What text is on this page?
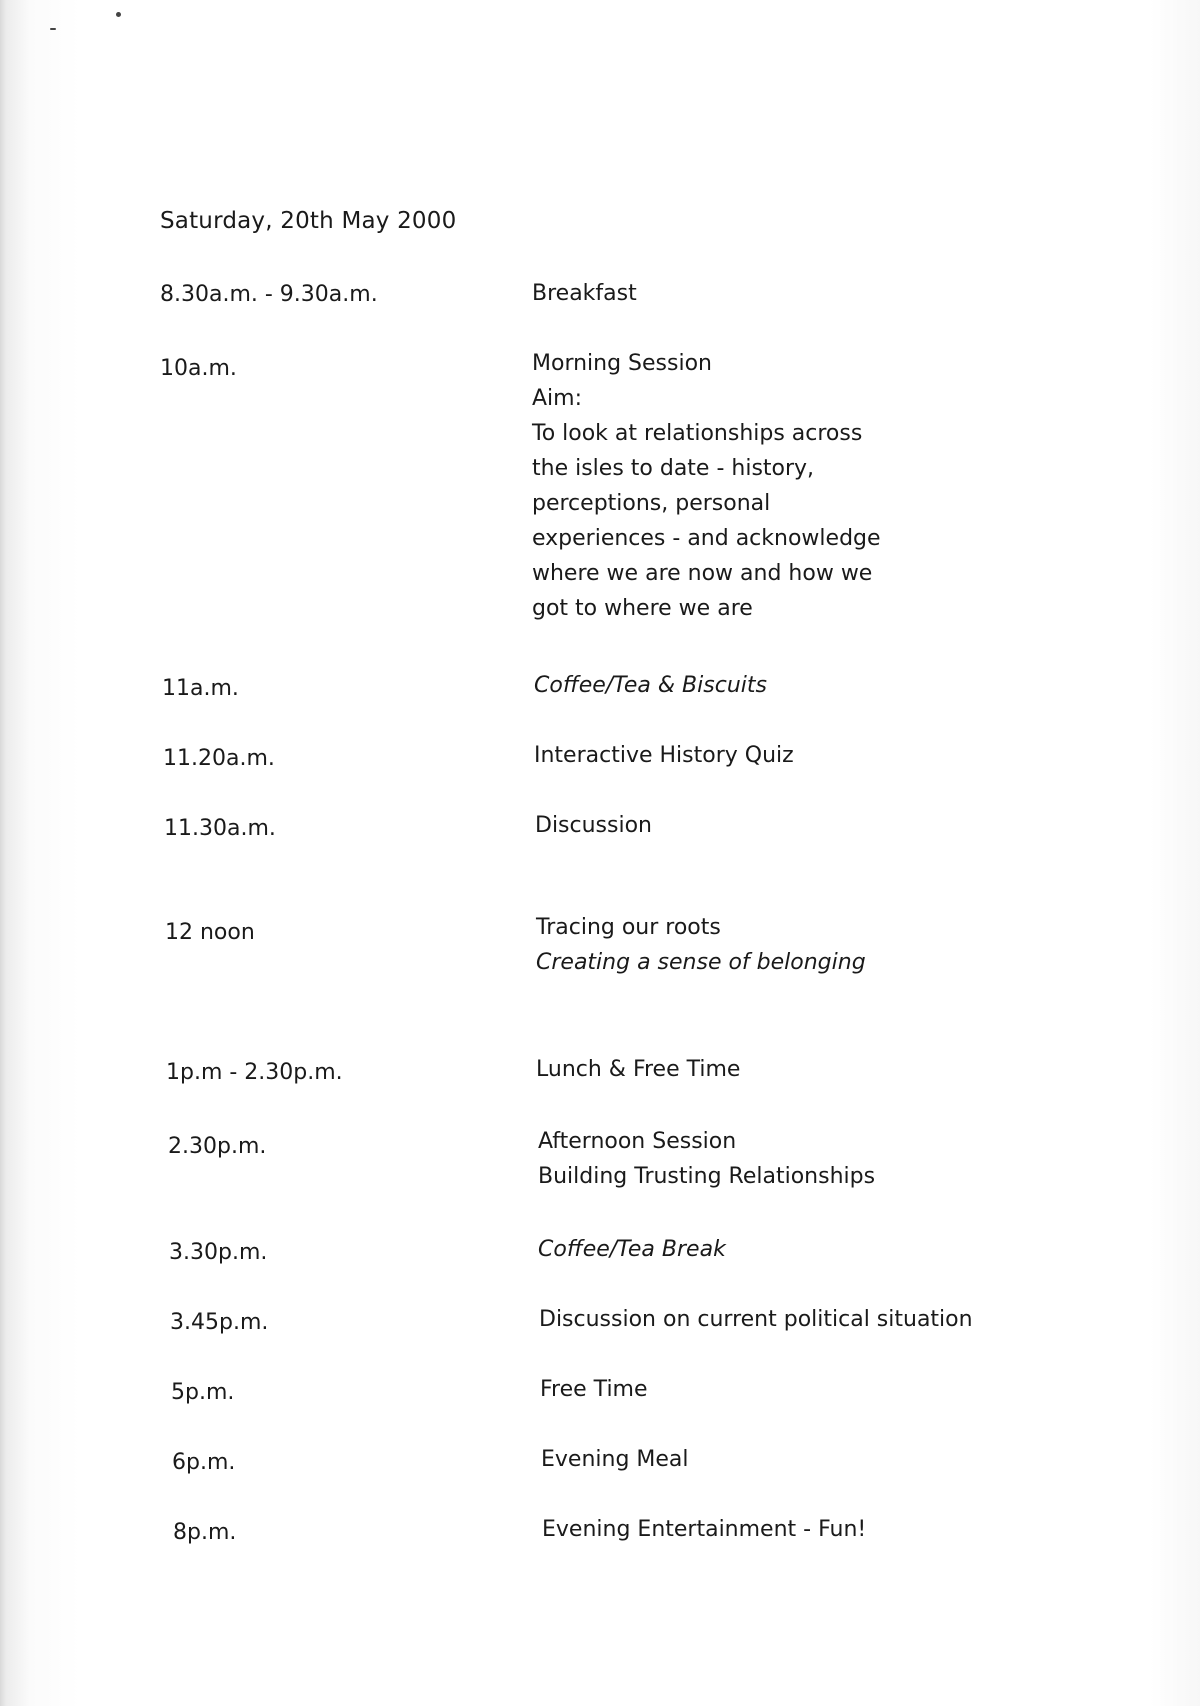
Saturday, 20th May 2000
8.30a.m. - 9.30a.m.	Breakfast
10a.m.	Morning Session
Aim:
To look at relationships across
the isles to date - history,
perceptions, personal
experiences - and acknowledge
where we are now and how we
got to where we are
11a.m.	Coffee/Tea & Biscuits
11.20a.m.	Interactive History Quiz
11.30a.m.	Discussion
12 noon	Tracing our roots
Creating a sense of belonging
1p.m - 2.30p.m.	Lunch & Free Time
2.30p.m.	Afternoon Session
Building Trusting Relationships
3.30p.m.	Coffee/Tea Break
3.45p.m.	Discussion on current political situation
5p.m.	Free Time
6p.m.	Evening Meal
8p.m.	Evening Entertainment - Fun!
